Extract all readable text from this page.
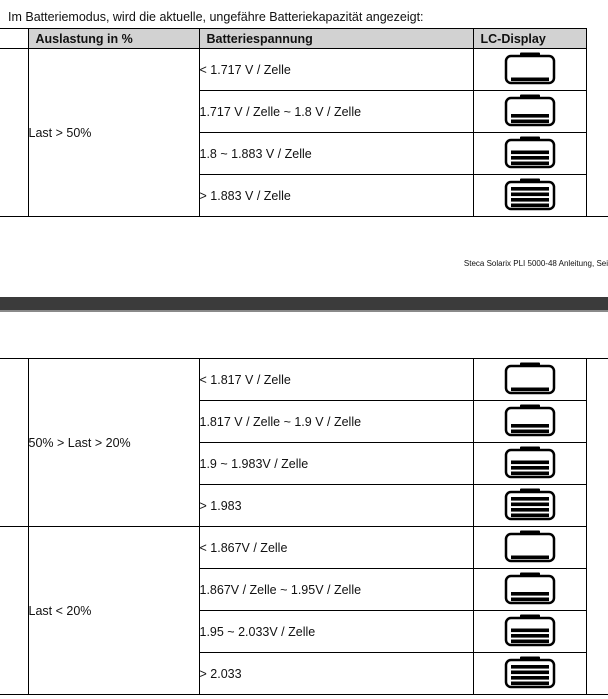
Im Batteriemodus, wird die aktuelle, ungefähre Batteriekapazität angezeigt:
	Auslastung in %	Batteriespannung	LC-Display	
	Last > 50%	< 1.717 V / Zelle		
		1.717 V / Zelle ~ 1.8 V / Zelle	
		1.8 ~ 1.883 V / Zelle	
		> 1.883 V / Zelle	
Steca Solarix PLI 5000-48 Anleitung, Sei
	50% > Last > 20%	< 1.817 V / Zelle		
		1.817 V / Zelle ~ 1.9 V / Zelle	
		1.9 ~ 1.983V / Zelle	
		> 1.983	
	Last < 20%	< 1.867V / Zelle	
		1.867V / Zelle ~ 1.95V / Zelle	
		1.95 ~ 2.033V / Zelle	
		> 2.033	
